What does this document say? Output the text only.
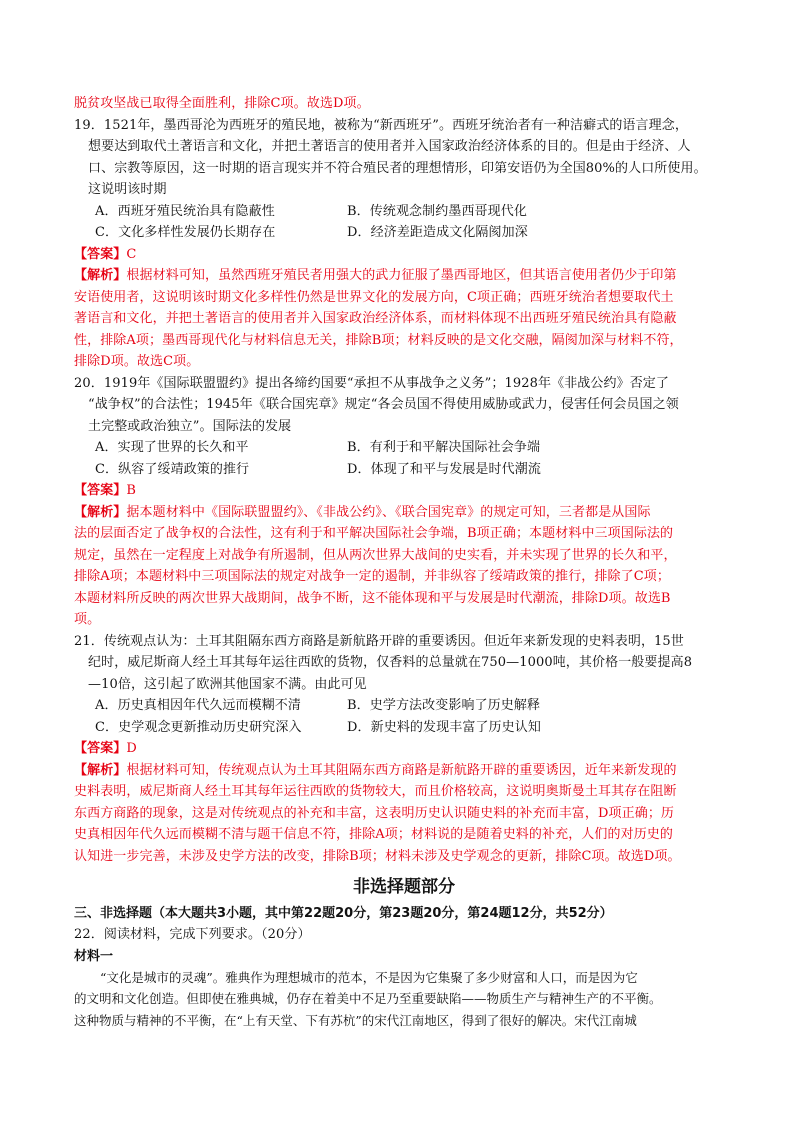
脱贫攻坚战已取得全面胜利，排除C项。故选D项。
19．1521年，墨西哥沦为西班牙的殖民地，被称为“新西班牙”。西班牙统治者有一种洁癖式的语言理念，
想要达到取代土著语言和文化，并把土著语言的使用者并入国家政治经济体系的目的。但是由于经济、人
口、宗教等原因，这一时期的语言现实并不符合殖民者的理想情形，印第安语仍为全国80%的人口所使用。
这说明该时期
A．西班牙殖民统治具有隐蔽性	B．传统观念制约墨西哥现代化
C．文化多样性发展仍长期存在	D．经济差距造成文化隔阂加深
【答案】C
【解析】根据材料可知，虽然西班牙殖民者用强大的武力征服了墨西哥地区，但其语言使用者仍少于印第
安语使用者，这说明该时期文化多样性仍然是世界文化的发展方向，C项正确；西班牙统治者想要取代土
著语言和文化，并把土著语言的使用者并入国家政治经济体系，而材料体现不出西班牙殖民统治具有隐蔽
性，排除A项；墨西哥现代化与材料信息无关，排除B项；材料反映的是文化交融，隔阂加深与材料不符，
排除D项。故选C项。
20．1919年《国际联盟盟约》提出各缔约国要“承担不从事战争之义务”；1928年《非战公约》否定了
“战争权”的合法性；1945年《联合国宪章》规定“各会员国不得使用威胁或武力，侵害任何会员国之领
土完整或政治独立”。国际法的发展
A．实现了世界的长久和平	B．有利于和平解决国际社会争端
C．纵容了绥靖政策的推行	D．体现了和平与发展是时代潮流
【答案】B
【解析】据本题材料中《国际联盟盟约》、《非战公约》、《联合国宪章》的规定可知，三者都是从国际
法的层面否定了战争权的合法性，这有利于和平解决国际社会争端，B项正确；本题材料中三项国际法的
规定，虽然在一定程度上对战争有所遏制，但从两次世界大战间的史实看，并未实现了世界的长久和平，
排除A项；本题材料中三项国际法的规定对战争一定的遏制，并非纵容了绥靖政策的推行，排除了C项；
本题材料所反映的两次世界大战期间，战争不断，这不能体现和平与发展是时代潮流，排除D项。故选B
项。
21．传统观点认为：土耳其阻隔东西方商路是新航路开辟的重要诱因。但近年来新发现的史料表明，15世
纪时，威尼斯商人经土耳其每年运往西欧的货物，仅香料的总量就在750—1000吨，其价格一般要提高8
—10倍，这引起了欧洲其他国家不满。由此可见
A．历史真相因年代久远而模糊不清	B．史学方法改变影响了历史解释
C．史学观念更新推动历史研究深入	D．新史料的发现丰富了历史认知
【答案】D
【解析】根据材料可知，传统观点认为土耳其阻隔东西方商路是新航路开辟的重要诱因，近年来新发现的
史料表明，威尼斯商人经土耳其每年运往西欧的货物较大，而且价格较高，这说明奥斯曼土耳其存在阻断
东西方商路的现象，这是对传统观点的补充和丰富，这表明历史认识随史料的补充而丰富，D项正确；历
史真相因年代久远而模糊不清与题干信息不符，排除A项；材料说的是随着史料的补充，人们的对历史的
认知进一步完善，未涉及史学方法的改变，排除B项；材料未涉及史学观念的更新，排除C项。故选D项。
非选择题部分
三、非选择题（本大题共3小题，其中第22题20分，第23题20分，第24题12分，共52分）
22．阅读材料，完成下列要求。（20分）
材料一
“文化是城市的灵魂”。雅典作为理想城市的范本，不是因为它集聚了多少财富和人口，而是因为它
的文明和文化创造。但即使在雅典城，仍存在着美中不足乃至重要缺陷——物质生产与精神生产的不平衡。
这种物质与精神的不平衡，在“上有天堂、下有苏杭”的宋代江南地区，得到了很好的解决。宋代江南城
